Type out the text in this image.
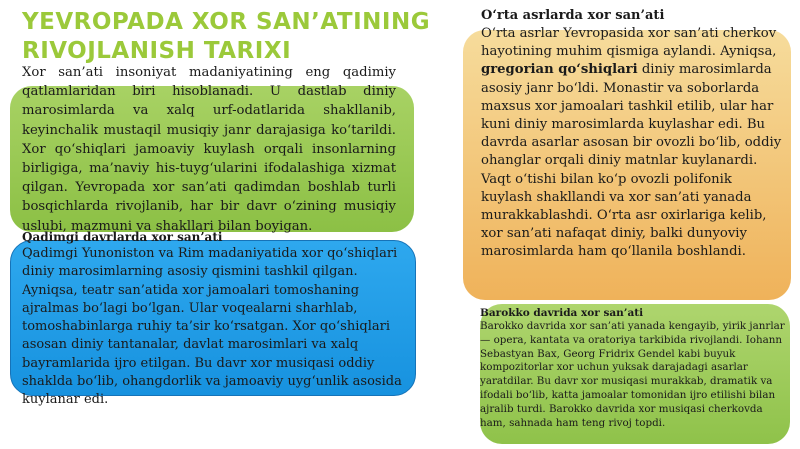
YEVROPADA XOR SAN’ATINING RIVOJLANISH TARIXI

Xor san’ati insoniyat madaniyatining eng qadimiy qatlamlaridan biri hisoblanadi. U dastlab diniy marosimlarda va xalq urf-odatlarida shakllanib, keyinchalik mustaqil musiqiy janr darajasiga ko‘tarildi. Xor qo‘shiqlari jamoaviy kuylash orqali insonlarning birligiga, ma’naviy his-tuyg‘ularini ifodalashiga xizmat qilgan. Yevropada xor san’ati qadimdan boshlab turli bosqichlarda rivojlanib, har bir davr o‘zining musiqiy uslubi, mazmuni va shakllari bilan boyigan.

Qadimgi davrlarda xor san’ati

Qadimgi Yunoniston va Rim madaniyatida xor qo‘shiqlari diniy marosimlarning asosiy qismini tashkil qilgan. Ayniqsa, teatr san’atida xor jamoalari tomoshaning ajralmas bo‘lagi bo‘lgan. Ular voqealarni sharhlab, tomoshabinlarga ruhiy ta’sir ko‘rsatgan. Xor qo‘shiqlari asosan diniy tantanalar, davlat marosimlari va xalq bayramlarida ijro etilgan. Bu davr xor musiqasi oddiy shaklda bo‘lib, ohangdorlik va jamoaviy uyg‘unlik asosida kuylanar edi.

O‘rta asrlarda xor san’ati

O‘rta asrlar Yevropasida xor san’ati cherkov hayotining muhim qismiga aylandi. Ayniqsa, gregorian qo‘shiqlari diniy marosimlarda asosiy janr bo‘ldi. Monastir va soborlarda maxsus xor jamoalari tashkil etilib, ular har kuni diniy marosimlarda kuylashar edi. Bu davrda asarlar asosan bir ovozli bo‘lib, oddiy ohanglar orqali diniy matnlar kuylanardi. Vaqt o‘tishi bilan ko‘p ovozli polifonik kuylash shakllandi va xor san’ati yanada murakkablashdi. O‘rta asr oxirlariga kelib, xor san’ati nafaqat diniy, balki dunyoviy marosimlarda ham qo‘llanila boshlandi.

Barokko davrida xor san’ati

Barokko davrida xor san’ati yanada kengayib, yirik janrlar — opera, kantata va oratoriya tarkibida rivojlandi. Iohann Sebastyan Bax, Georg Fridrix Gendel kabi buyuk kompozitorlar xor uchun yuksak darajadagi asarlar yaratdilar. Bu davr xor musiqasi murakkab, dramatik va ifodali bo‘lib, katta jamoalar tomonidan ijro etilishi bilan ajralib turdi. Barokko davrida xor musiqasi cherkovda ham, sahnada ham teng rivoj topdi.
